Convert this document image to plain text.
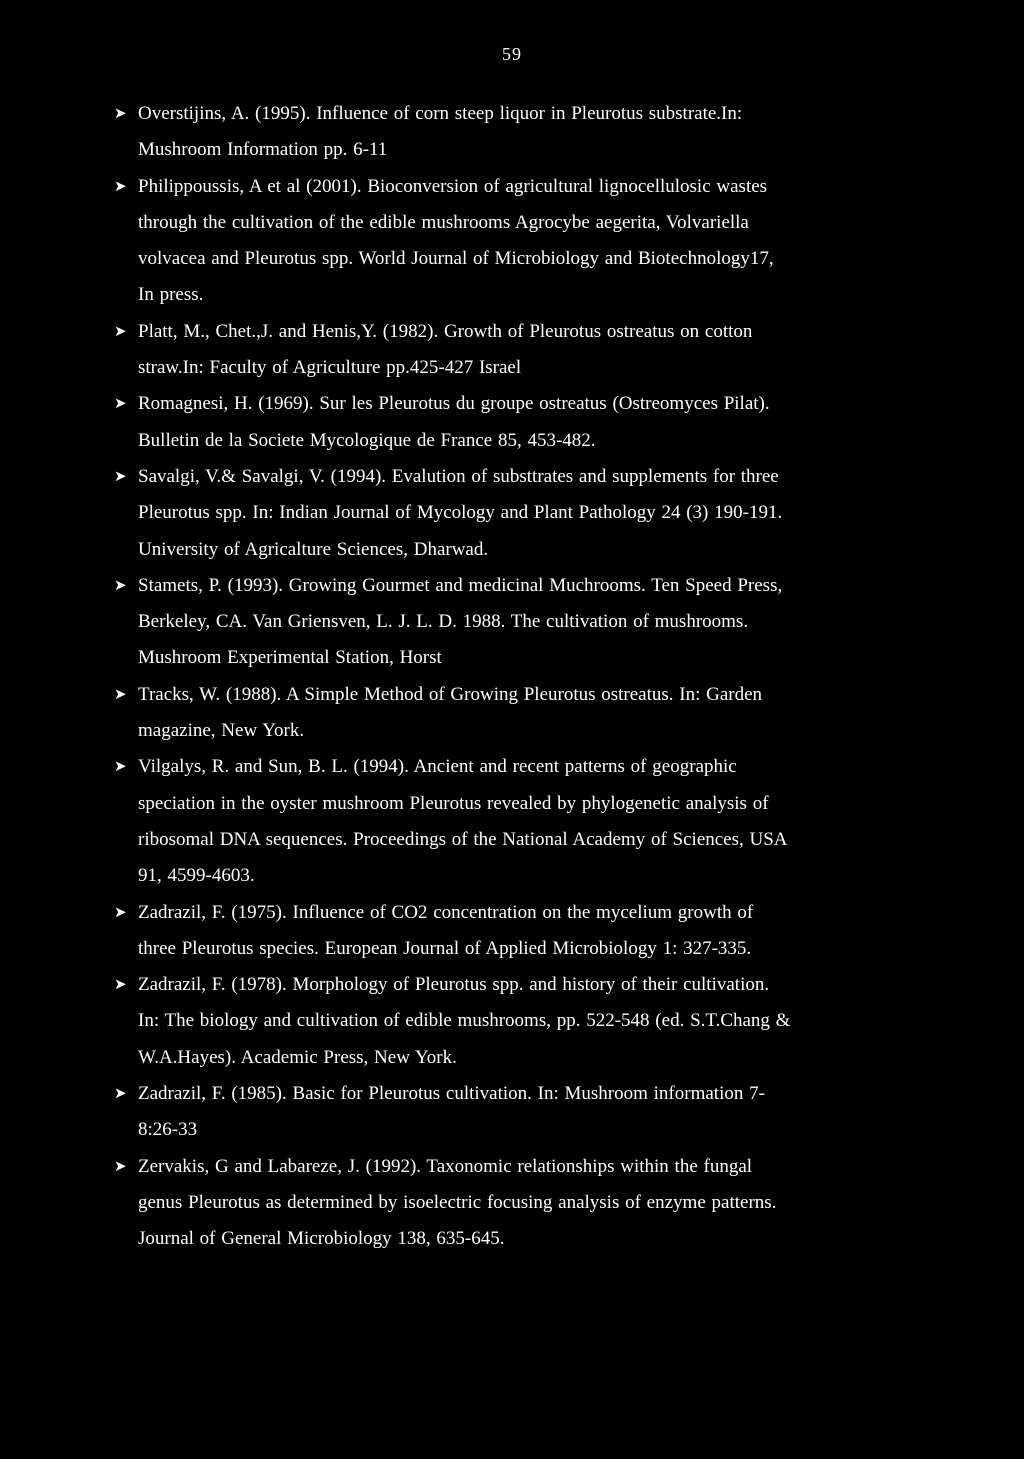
59
➤ Overstijins, A. (1995). Influence of corn steep liquor in Pleurotus substrate.In:
Mushroom Information pp. 6-11
➤ Philippoussis, A et al (2001). Bioconversion of agricultural lignocellulosic wastes
through the cultivation of the edible mushrooms Agrocybe aegerita, Volvariella
volvacea and Pleurotus spp. World Journal of Microbiology and Biotechnology17,
In press.
➤ Platt, M., Chet.,J. and Henis,Y. (1982). Growth of Pleurotus ostreatus on cotton
straw.In: Faculty of Agriculture pp.425-427 Israel
➤ Romagnesi, H. (1969). Sur les Pleurotus du groupe ostreatus (Ostreomyces Pilat).
Bulletin de la Societe Mycologique de France 85, 453-482.
➤ Savalgi, V.& Savalgi, V. (1994). Evalution of substtrates and supplements for three
Pleurotus spp. In: Indian Journal of Mycology and Plant Pathology 24 (3) 190-191.
University of Agricalture Sciences, Dharwad.
➤ Stamets, P. (1993). Growing Gourmet and medicinal Muchrooms. Ten Speed Press,
Berkeley, CA. Van Griensven, L. J. L. D. 1988. The cultivation of mushrooms.
Mushroom Experimental Station, Horst
➤ Tracks, W. (1988). A Simple Method of Growing Pleurotus ostreatus. In: Garden
magazine, New York.
➤ Vilgalys, R. and Sun, B. L. (1994). Ancient and recent patterns of geographic
speciation in the oyster mushroom Pleurotus revealed by phylogenetic analysis of
ribosomal DNA sequences. Proceedings of the National Academy of Sciences, USA
91, 4599-4603.
➤ Zadrazil, F. (1975). Influence of CO2 concentration on the mycelium growth of
three Pleurotus species. European Journal of Applied Microbiology 1: 327-335.
➤ Zadrazil, F. (1978). Morphology of Pleurotus spp. and history of their cultivation.
In: The biology and cultivation of edible mushrooms, pp. 522-548 (ed. S.T.Chang &
W.A.Hayes). Academic Press, New York.
➤ Zadrazil, F. (1985). Basic for Pleurotus cultivation. In: Mushroom information 7-
8:26-33
➤ Zervakis, G and Labareze, J. (1992). Taxonomic relationships within the fungal
genus Pleurotus as determined by isoelectric focusing analysis of enzyme patterns.
Journal of General Microbiology 138, 635-645.
